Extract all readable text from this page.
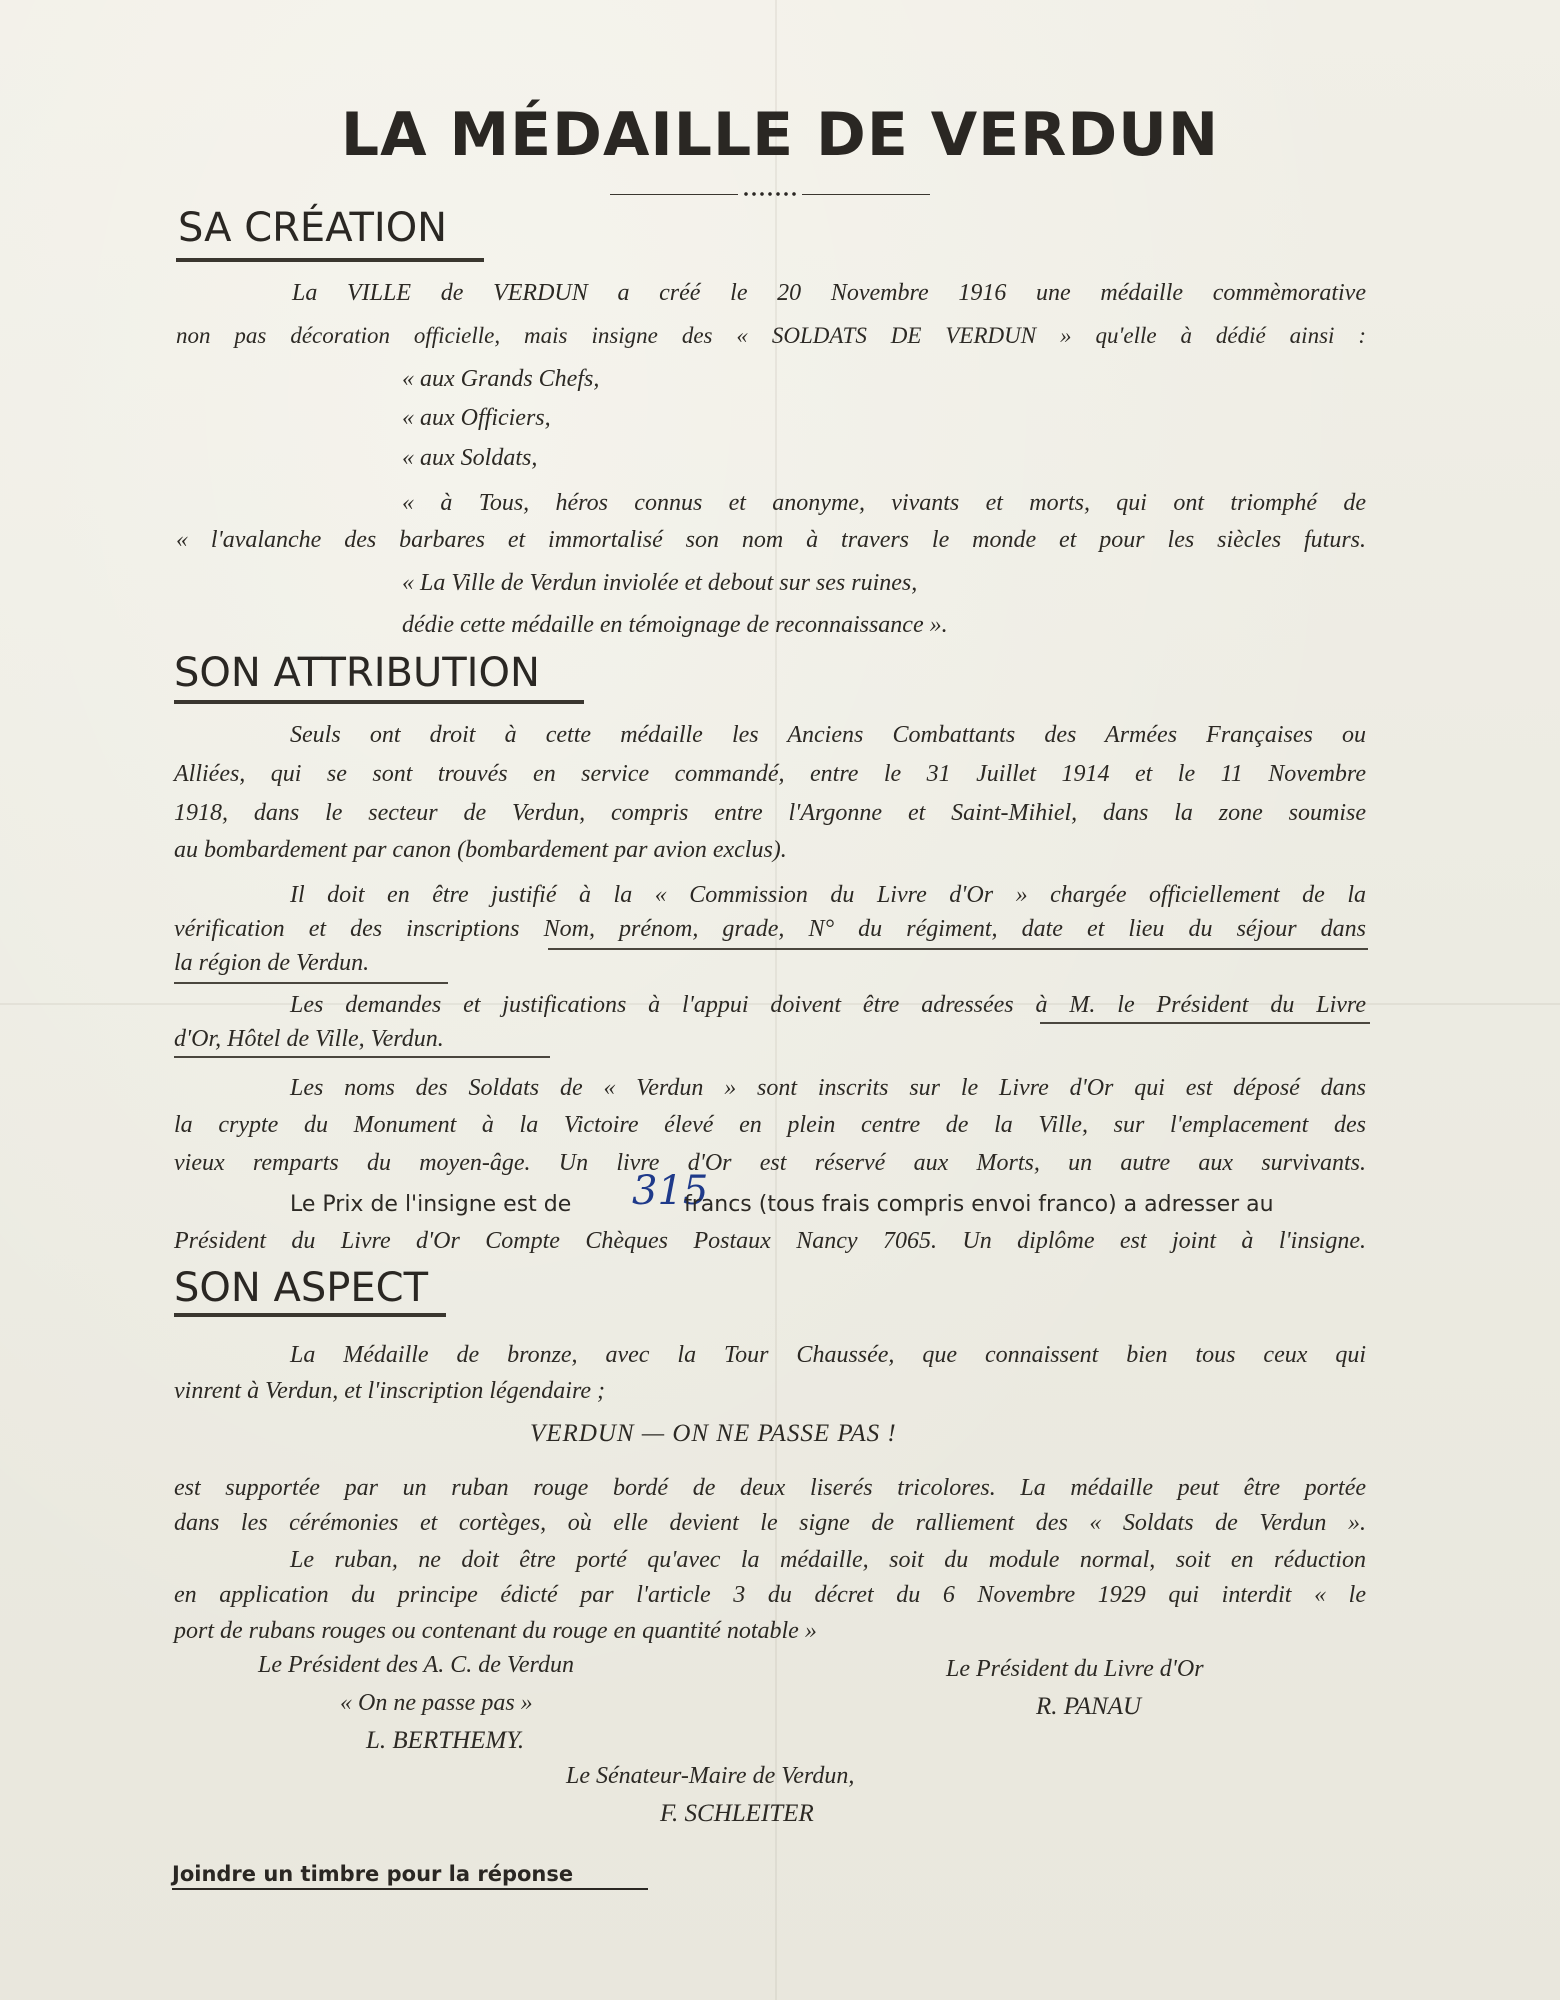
LA MÉDAILLE DE VERDUN
SA CRÉATION
La VILLE de VERDUN a créé le 20 Novembre 1916 une médaille commèmorative
non pas décoration officielle, mais insigne des « SOLDATS DE VERDUN » qu'elle à dédié ainsi :
« aux Grands Chefs,
« aux Officiers,
« aux Soldats,
« à Tous, héros connus et anonyme, vivants et morts, qui ont triomphé de
« l'avalanche des barbares et immortalisé son nom à travers le monde et pour les siècles futurs.
« La Ville de Verdun inviolée et debout sur ses ruines,
dédie cette médaille en témoignage de reconnaissance ».
SON ATTRIBUTION
Seuls ont droit à cette médaille les Anciens Combattants des Armées Françaises ou
Alliées, qui se sont trouvés en service commandé, entre le 31 Juillet 1914 et le 11 Novembre
1918, dans le secteur de Verdun, compris entre l'Argonne et Saint-Mihiel, dans la zone soumise
au bombardement par canon (bombardement par avion exclus).
Il doit en être justifié à la « Commission du Livre d'Or » chargée officiellement de la
vérification et des inscriptions Nom, prénom, grade, N° du régiment, date et lieu du séjour dans
la région de Verdun.
Les demandes et justifications à l'appui doivent être adressées à M. le Président du Livre
d'Or, Hôtel de Ville, Verdun.
Les noms des Soldats de « Verdun » sont inscrits sur le Livre d'Or qui est déposé dans
la crypte du Monument à la Victoire élevé en plein centre de la Ville, sur l'emplacement des
vieux remparts du moyen-âge. Un livre d'Or est réservé aux Morts, un autre aux survivants.
Le Prix de l'insigne est de 315
francs (tous frais compris envoi franco) a adresser au
Président du Livre d'Or Compte Chèques Postaux Nancy 7065. Un diplôme est joint à l'insigne.
SON ASPECT
La Médaille de bronze, avec la Tour Chaussée, que connaissent bien tous ceux qui
vinrent à Verdun, et l'inscription légendaire ;
VERDUN — ON NE PASSE PAS !
est supportée par un ruban rouge bordé de deux liserés tricolores. La médaille peut être portée
dans les cérémonies et cortèges, où elle devient le signe de ralliement des « Soldats de Verdun ».
Le ruban, ne doit être porté qu'avec la médaille, soit du module normal, soit en réduction
en application du principe édicté par l'article 3 du décret du 6 Novembre 1929 qui interdit « le
port de rubans rouges ou contenant du rouge en quantité notable »
Le Président des A. C. de Verdun
« On ne passe pas »
L. BERTHEMY.
Le Président du Livre d'Or
R. PANAU
Le Sénateur-Maire de Verdun,
F. SCHLEITER
Joindre un timbre pour la réponse
